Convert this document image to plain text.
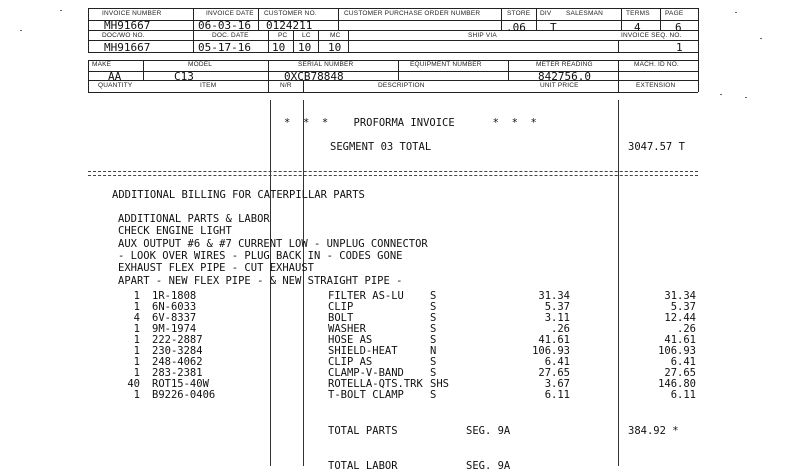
INVOICE NUMBER	INVOICE DATE CUSTOMER NO.	CUSTOMER PURCHASE ORDER NUMBER	STORE DIV SALESMAN	TERMS PAGE
MH91667	06-03-16 0124211	.06 T	4	6
DOC/WO NO.	DOC. DATE	PC LC	MC	SHIP VIA	INVOICE SEQ. NO.
MH91667	05-17-16 10 10 10	1
MAKE	MODEL	SERIAL NUMBER	EQUIPMENT NUMBER	METER READING	MACH. ID NO.
AA	C13	0XCB78848	842756.0
QUANTITY	ITEM	N/R	DESCRIPTION	UNIT PRICE	EXTENSION
*  *  *    PROFORMA INVOICE      *  *  *
SEGMENT 03 TOTAL	3047.57 T
ADDITIONAL BILLING FOR CATERPILLAR PARTS
ADDITIONAL PARTS & LABOR
CHECK ENGINE LIGHT
AUX OUTPUT #6 & #7 CURRENT LOW - UNPLUG CONNECTOR
- LOOK OVER WIRES - PLUG BACK IN - CODES GONE
EXHAUST FLEX PIPE - CUT EXHAUST
APART - NEW FLEX PIPE - & NEW STRAIGHT PIPE -
1 1R-1808	FILTER AS-LU S	31.34	31.34
1 6N-6033	CLIP	S	5.37	5.37
4 6V-8337	BOLT	S	3.11	12.44
1 9M-1974	WASHER	S	.26	.26
1 222-2887	HOSE AS	S	41.61	41.61
1 230-3284	SHIELD-HEAT	N	106.93	106.93
1 248-4062	CLIP AS	S	6.41	6.41
1 283-2381	CLAMP-V-BAND S	27.65	27.65
40 ROT15-40W	ROTELLA-QTS.TRK SHS	3.67	146.80
1 B9226-0406	T-BOLT CLAMP S	6.11	6.11
TOTAL PARTS	SEG. 9A	384.92 *
TOTAL LABOR	SEG. 9A
